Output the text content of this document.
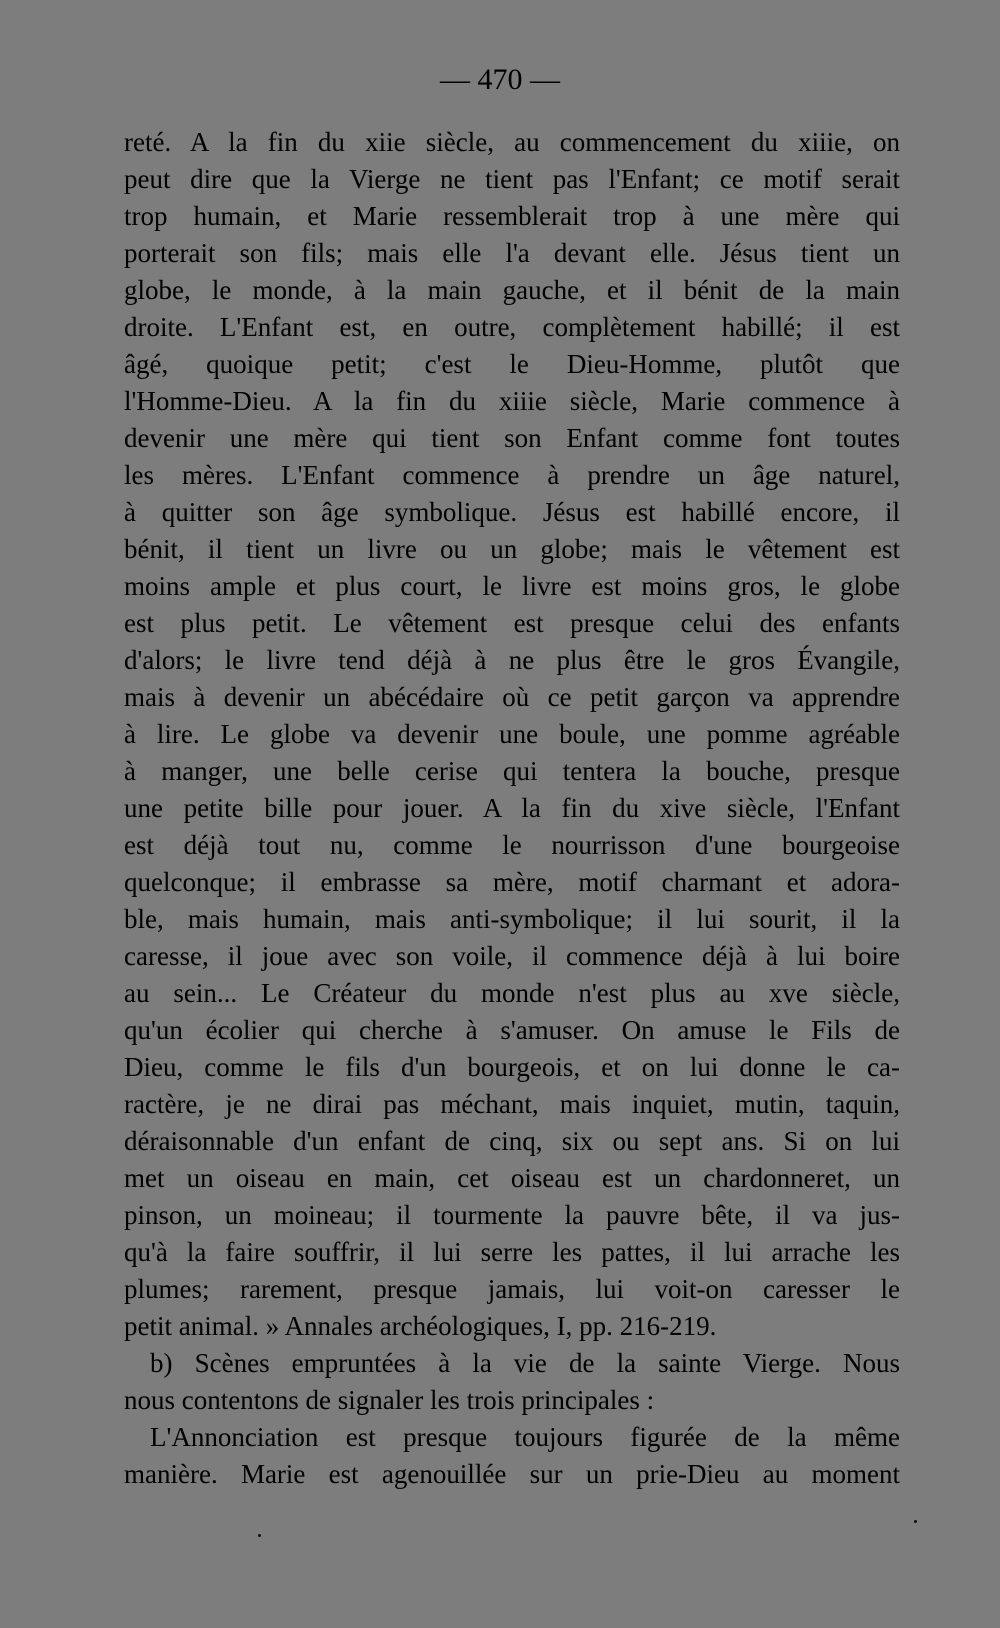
— 470 —
reté. A la fin du xiie siècle, au commencement du xiiie, on
peut dire que la Vierge ne tient pas l'Enfant; ce motif serait
trop humain, et Marie ressemblerait trop à une mère qui
porterait son fils; mais elle l'a devant elle. Jésus tient un
globe, le monde, à la main gauche, et il bénit de la main
droite. L'Enfant est, en outre, complètement habillé; il est
âgé, quoique petit; c'est le Dieu-Homme, plutôt que
l'Homme-Dieu. A la fin du xiiie siècle, Marie commence à
devenir une mère qui tient son Enfant comme font toutes
les mères. L'Enfant commence à prendre un âge naturel,
à quitter son âge symbolique. Jésus est habillé encore, il
bénit, il tient un livre ou un globe; mais le vêtement est
moins ample et plus court, le livre est moins gros, le globe
est plus petit. Le vêtement est presque celui des enfants
d'alors; le livre tend déjà à ne plus être le gros Évangile,
mais à devenir un abécédaire où ce petit garçon va apprendre
à lire. Le globe va devenir une boule, une pomme agréable
à manger, une belle cerise qui tentera la bouche, presque
une petite bille pour jouer. A la fin du xive siècle, l'Enfant
est déjà tout nu, comme le nourrisson d'une bourgeoise
quelconque; il embrasse sa mère, motif charmant et adora-
ble, mais humain, mais anti-symbolique; il lui sourit, il la
caresse, il joue avec son voile, il commence déjà à lui boire
au sein... Le Créateur du monde n'est plus au xve siècle,
qu'un écolier qui cherche à s'amuser. On amuse le Fils de
Dieu, comme le fils d'un bourgeois, et on lui donne le ca-
ractère, je ne dirai pas méchant, mais inquiet, mutin, taquin,
déraisonnable d'un enfant de cinq, six ou sept ans. Si on lui
met un oiseau en main, cet oiseau est un chardonneret, un
pinson, un moineau; il tourmente la pauvre bête, il va jus-
qu'à la faire souffrir, il lui serre les pattes, il lui arrache les
plumes; rarement, presque jamais, lui voit-on caresser le
petit animal. » Annales archéologiques, I, pp. 216-219.
b) Scènes empruntées à la vie de la sainte Vierge. Nous
nous contentons de signaler les trois principales :
L'Annonciation est presque toujours figurée de la même
manière. Marie est agenouillée sur un prie-Dieu au moment
